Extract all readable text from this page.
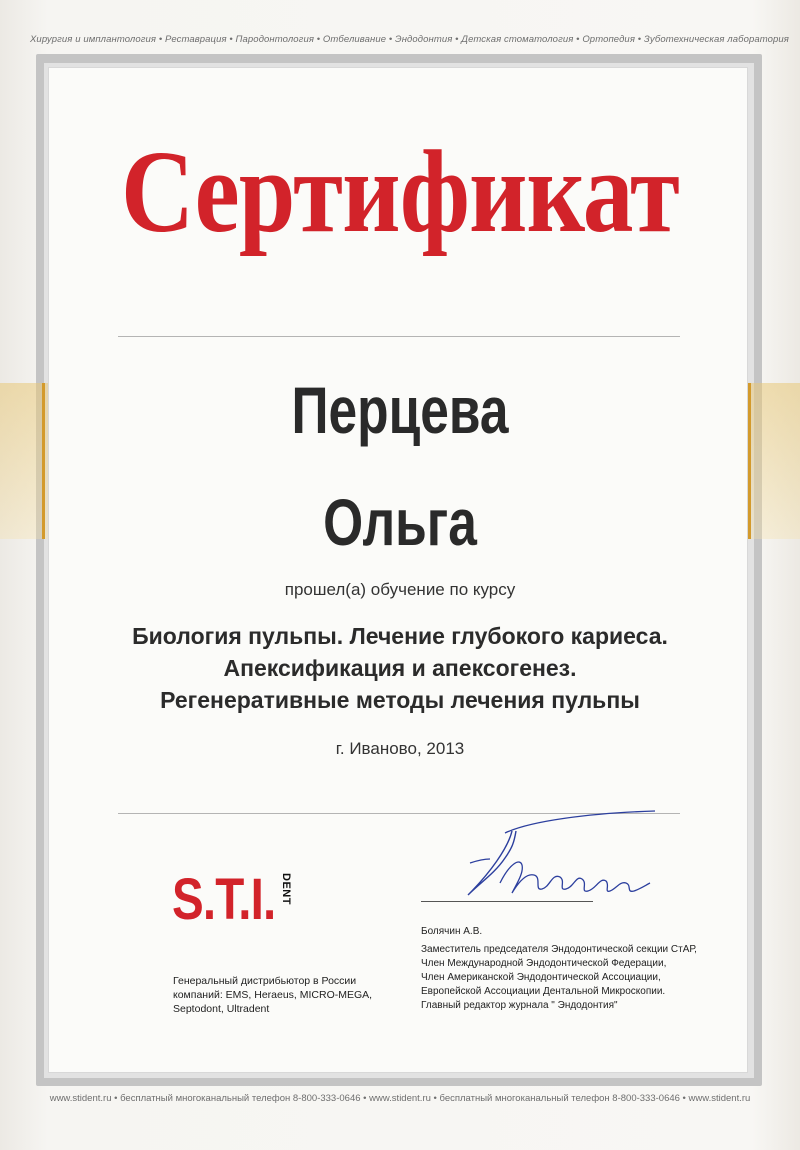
Хирургия и имплантология • Реставрация • Пародонтология • Отбеливание • Эндодонтия • Детская стоматология • Ортопедия • Зуботехническая лаборатория
Сертификат
Перцева
Ольга
прошел(а) обучение по курсу
Биология пульпы. Лечение глубокого кариеса.
Апексификация и апексогенез.
Регенеративные методы лечения пульпы
г. Иваново, 2013
S.T.I. DENT
Генеральный дистрибьютор в России
компаний: EMS, Heraeus, MICRO-MEGA,
Septodont, Ultradent
Болячин А.В.
Заместитель председателя Эндодонтической секции СтАР,
Член Международной Эндодонтической Федерации,
Член Американской Эндодонтической Ассоциации,
Европейской Ассоциации Дентальной Микроскопии.
Главный редактор журнала " Эндодонтия"
www.stident.ru • бесплатный многоканальный телефон 8-800-333-0646 • www.stident.ru • бесплатный многоканальный телефон 8-800-333-0646 • www.stident.ru
